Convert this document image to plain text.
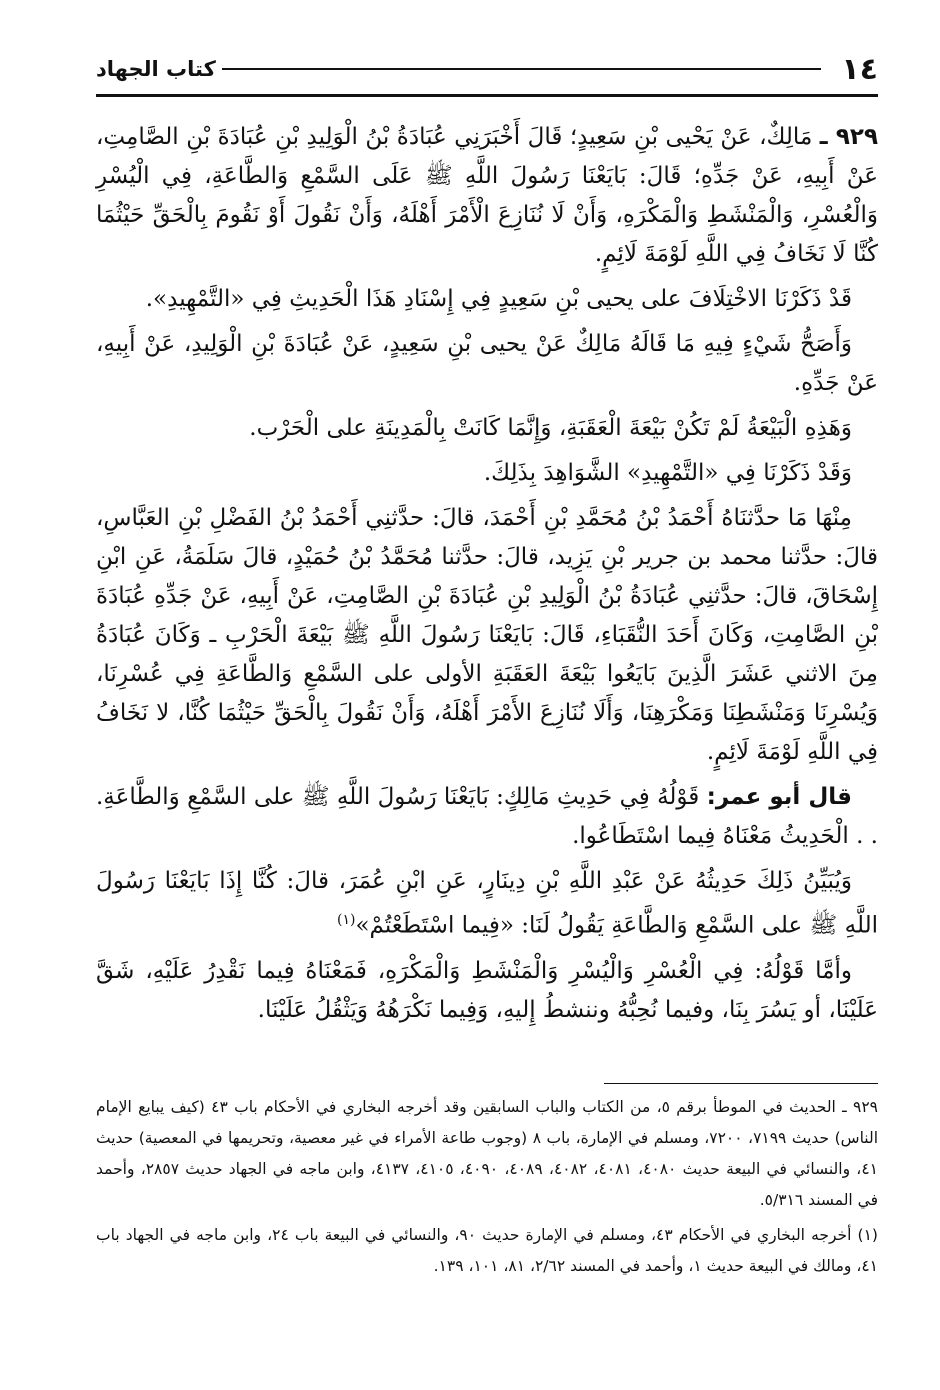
١٤
كتاب الجهاد

٩٢٩ ـ مَالِكٌ، عَنْ يَحْيى بْنِ سَعِيدٍ؛ قَالَ أَخْبَرَنِي عُبَادَةُ بْنُ الْوَلِيدِ بْنِ عُبَادَةَ بْنِ الصَّامِتِ، عَنْ أَبِيهِ، عَنْ جَدِّهِ؛ قَالَ: بَايَعْنَا رَسُولَ اللَّهِ ﷺ عَلَى السَّمْعِ وَالطَّاعَةِ، فِي الْيُسْرِ وَالْعُسْرِ، وَالْمَنْشَطِ وَالْمَكْرَهِ، وَأَنْ لَا نُنَازِعَ الْأَمْرَ أَهْلَهُ، وَأَنْ نَقُولَ أَوْ نَقُومَ بِالْحَقِّ حَيْثُمَا كُنَّا لَا نَخَافُ فِي اللَّهِ لَوْمَةَ لَائِمٍ.

قَدْ ذَكَرْنَا الاخْتِلَافَ على يحيى بْنِ سَعِيدٍ فِي إِسْنَادِ هَذَا الْحَدِيثِ فِي «التَّمْهِيدِ».

وَأَصَحُّ شَيْءٍ فِيهِ مَا قَالَهُ مَالِكٌ عَنْ يحيى بْنِ سَعِيدٍ، عَنْ عُبَادَةَ بْنِ الْوَلِيدِ، عَنْ أَبِيهِ، عَنْ جَدِّهِ.

وَهَذِهِ الْبَيْعَةُ لَمْ تَكُنْ بَيْعَةَ الْعَقَبَةِ، وَإِنَّمَا كَانَتْ بِالْمَدِينَةِ على الْحَرْب.

وَقَدْ ذَكَرْنَا فِي «التَّمْهِيدِ» الشَّوَاهِدَ بِذَلِكَ.

مِنْهَا مَا حدَّثنَاهُ أَحْمَدُ بْنُ مُحَمَّدِ بْنِ أَحْمَدَ، قالَ: حدَّثنِي أَحْمَدُ بْنُ الفَضْلِ بْنِ العَبَّاسِ، قالَ: حدَّثنا محمد بن جرير بْنِ يَزِيد، قالَ: حدَّثنا مُحَمَّدُ بْنُ حُمَيْدٍ، قالَ سَلَمَةُ، عَنِ ابْنِ إِسْحَاقَ، قالَ: حدَّثنِي عُبَادَةُ بْنُ الْوَلِيدِ بْنِ عُبَادَةَ بْنِ الصَّامِتِ، عَنْ أَبِيهِ، عَنْ جَدِّهِ عُبَادَةَ بْنِ الصَّامِتِ، وَكَانَ أَحَدَ النُّقَبَاءِ، قَالَ: بَايَعْنَا رَسُولَ اللَّهِ ﷺ بَيْعَةَ الْحَرْبِ ـ وَكَانَ عُبَادَةُ مِنَ الاثني عَشَرَ الَّذِينَ بَايَعُوا بَيْعَةَ العَقَبَةِ الأولى على السَّمْعِ وَالطَّاعَةِ فِي عُسْرِنَا، وَيُسْرِنَا وَمَنْشَطِنَا وَمَكْرَهِنَا، وَأَلَا نُنَازِعَ الأَمْرَ أَهْلَهُ، وَأَنْ نَقُولَ بِالْحَقِّ حَيْثُمَا كُنَّا، لا نَخَافُ فِي اللَّهِ لَوْمَةَ لَائِمٍ.

قال أبو عمر: قَوْلُهُ فِي حَدِيثِ مَالِكٍ: بَايَعْنَا رَسُولَ اللَّهِ ﷺ على السَّمْعِ وَالطَّاعَةِ. . . الْحَدِيثُ مَعْنَاهُ فِيما اسْتَطَاعُوا.

وَيُبَيِّنُ ذَلِكَ حَدِيثُهُ عَنْ عَبْدِ اللَّهِ بْنِ دِينَارٍ، عَنِ ابْنِ عُمَرَ، قالَ: كُنَّا إِذَا بَايَعْنَا رَسُولَ اللَّهِ ﷺ على السَّمْعِ وَالطَّاعَةِ يَقُولُ لَنَا: «فِيما اسْتَطَعْتُمْ»$^{(١)}$

وأمَّا قَوْلُهُ: فِي الْعُسْرِ وَالْيُسْرِ وَالْمَنْشَطِ وَالْمَكْرَهِ، فَمَعْنَاهُ فِيما نَقْدِرُ عَلَيْهِ، شَقَّ عَلَيْنَا، أو يَسُرَ بِنَا، وفيما نُحِبُّهُ وننشطُ إِليهِ، وَفِيما نَكْرَهُهُ وَيَثْقُلُ عَلَيْنَا.

٩٢٩ ـ الحديث في الموطأ برقم ٥، من الكتاب والباب السابقين وقد أخرجه البخاري في الأحكام باب ٤٣ (كيف يبايع الإمام الناس) حديث ٧١٩٩، ٧٢٠٠، ومسلم في الإمارة، باب ٨ (وجوب طاعة الأمراء في غير معصية، وتحريمها في المعصية) حديث ٤١، والنسائي في البيعة حديث ٤٠٨٠، ٤٠٨١، ٤٠٨٢، ٤٠٨٩، ٤٠٩٠، ٤١٠٥، ٤١٣٧، وابن ماجه في الجهاد حديث ٢٨٥٧، وأحمد في المسند ٥/٣١٦.

(١) أخرجه البخاري في الأحكام ٤٣، ومسلم في الإمارة حديث ٩٠، والنسائي في البيعة باب ٢٤، وابن ماجه في الجهاد باب ٤١، ومالك في البيعة حديث ١، وأحمد في المسند ٢/٦٢، ٨١، ١٠١، ١٣٩.
